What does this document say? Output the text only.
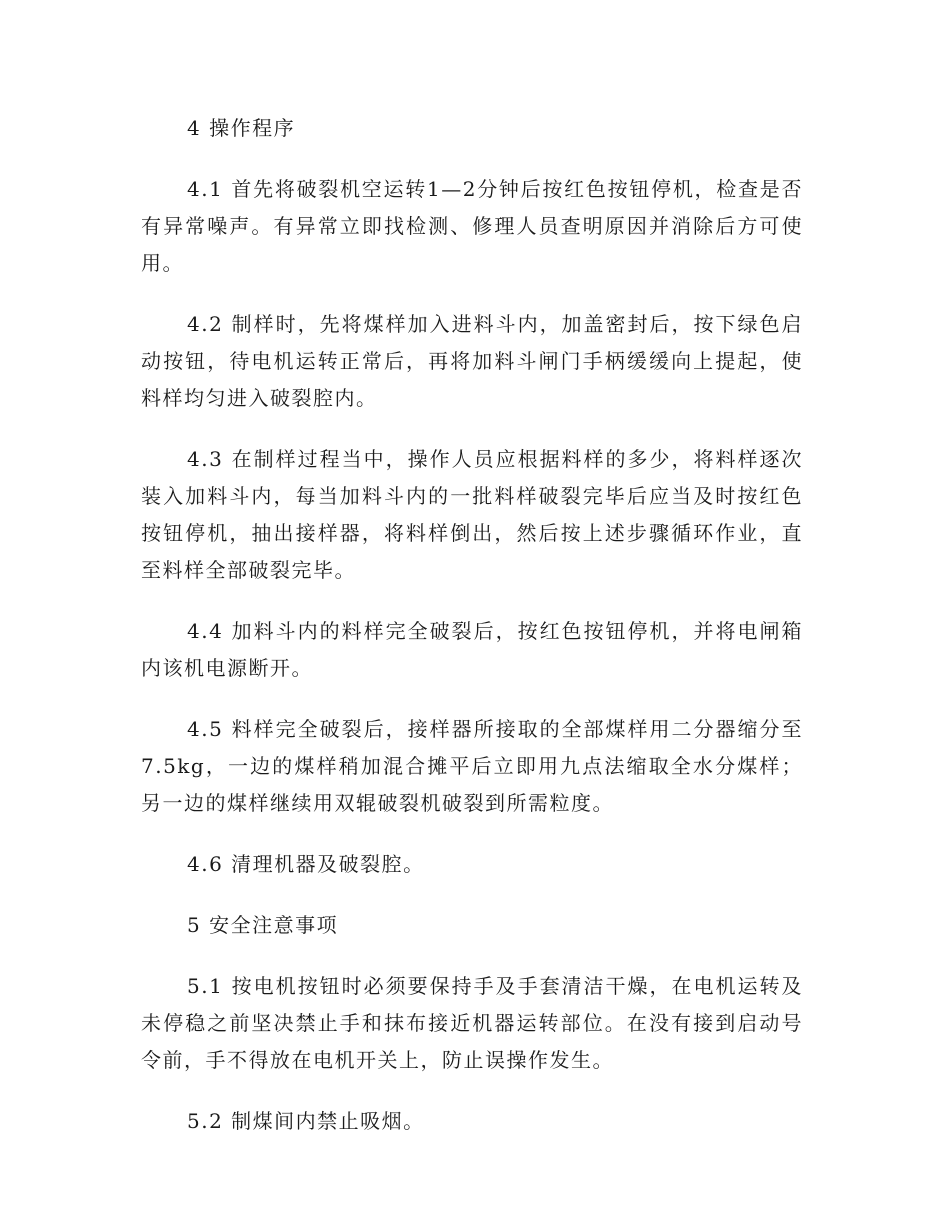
4 操作程序

4.1 首先将破裂机空运转1—2分钟后按红色按钮停机，检查是否有异常噪声。有异常立即找检测、修理人员查明原因并消除后方可使用。

4.2 制样时，先将煤样加入进料斗内，加盖密封后，按下绿色启动按钮，待电机运转正常后，再将加料斗闸门手柄缓缓向上提起，使料样均匀进入破裂腔内。

4.3 在制样过程当中，操作人员应根据料样的多少，将料样逐次装入加料斗内，每当加料斗内的一批料样破裂完毕后应当及时按红色按钮停机，抽出接样器，将料样倒出，然后按上述步骤循环作业，直至料样全部破裂完毕。

4.4 加料斗内的料样完全破裂后，按红色按钮停机，并将电闸箱内该机电源断开。

4.5 料样完全破裂后，接样器所接取的全部煤样用二分器缩分至7.5kg，一边的煤样稍加混合摊平后立即用九点法缩取全水分煤样；另一边的煤样继续用双辊破裂机破裂到所需粒度。

4.6 清理机器及破裂腔。

5 安全注意事项

5.1 按电机按钮时必须要保持手及手套清洁干燥，在电机运转及未停稳之前坚决禁止手和抹布接近机器运转部位。在没有接到启动号令前，手不得放在电机开关上，防止误操作发生。

5.2 制煤间内禁止吸烟。
